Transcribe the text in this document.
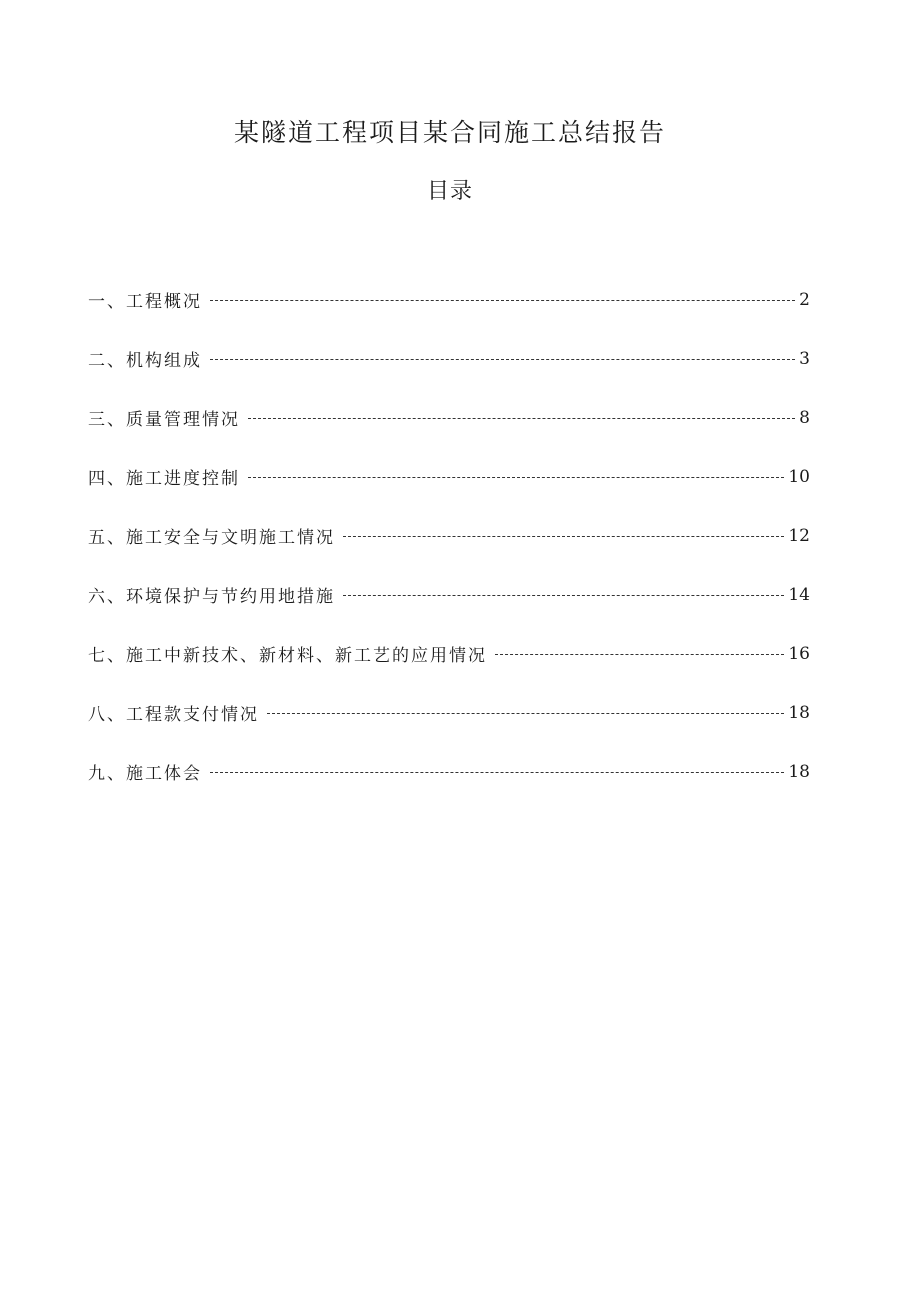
某隧道工程项目某合同施工总结报告
目录
一、工程概况	2
二、机构组成	3
三、质量管理情况	8
四、施工进度控制	10
五、施工安全与文明施工情况	12
六、环境保护与节约用地措施	14
七、施工中新技术、新材料、新工艺的应用情况	16
八、工程款支付情况	18
九、施工体会	18
